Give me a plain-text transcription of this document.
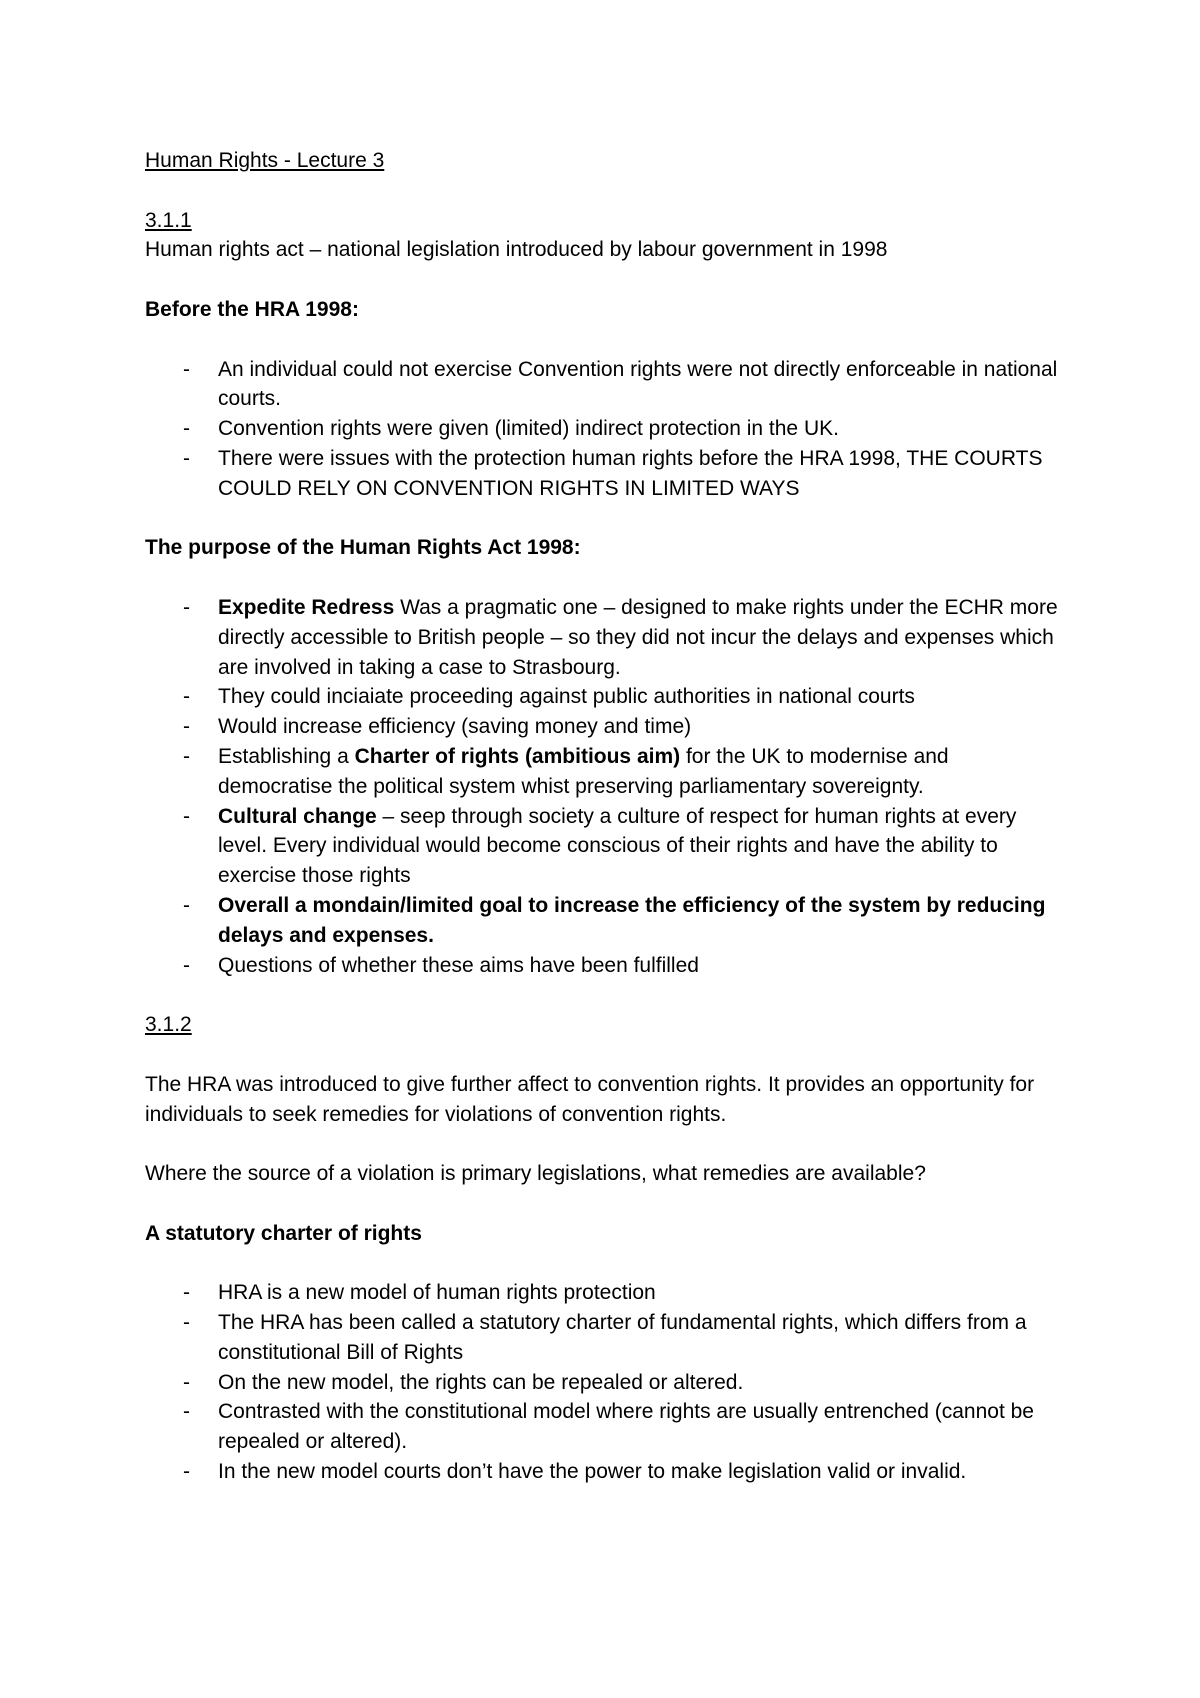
Human Rights - Lecture 3

3.1.1

Human rights act – national legislation introduced by labour government in 1998

Before the HRA 1998:

- An individual could not exercise Convention rights were not directly enforceable in national courts.
- Convention rights were given (limited) indirect protection in the UK.
- There were issues with the protection human rights before the HRA 1998, THE COURTS COULD RELY ON CONVENTION RIGHTS IN LIMITED WAYS

The purpose of the Human Rights Act 1998:

- Expedite Redress Was a pragmatic one – designed to make rights under the ECHR more directly accessible to British people – so they did not incur the delays and expenses which are involved in taking a case to Strasbourg.
- They could inciaiate proceeding against public authorities in national courts
- Would increase efficiency (saving money and time)
- Establishing a Charter of rights (ambitious aim) for the UK to modernise and democratise the political system whist preserving parliamentary sovereignty.
- Cultural change – seep through society a culture of respect for human rights at every level. Every individual would become conscious of their rights and have the ability to exercise those rights
- Overall a mondain/limited goal to increase the efficiency of the system by reducing delays and expenses.
- Questions of whether these aims have been fulfilled

3.1.2

The HRA was introduced to give further affect to convention rights. It provides an opportunity for individuals to seek remedies for violations of convention rights.

Where the source of a violation is primary legislations, what remedies are available?

A statutory charter of rights

- HRA is a new model of human rights protection
- The HRA has been called a statutory charter of fundamental rights, which differs from a constitutional Bill of Rights
- On the new model, the rights can be repealed or altered.
- Contrasted with the constitutional model where rights are usually entrenched (cannot be repealed or altered).
- In the new model courts don’t have the power to make legislation valid or invalid.
